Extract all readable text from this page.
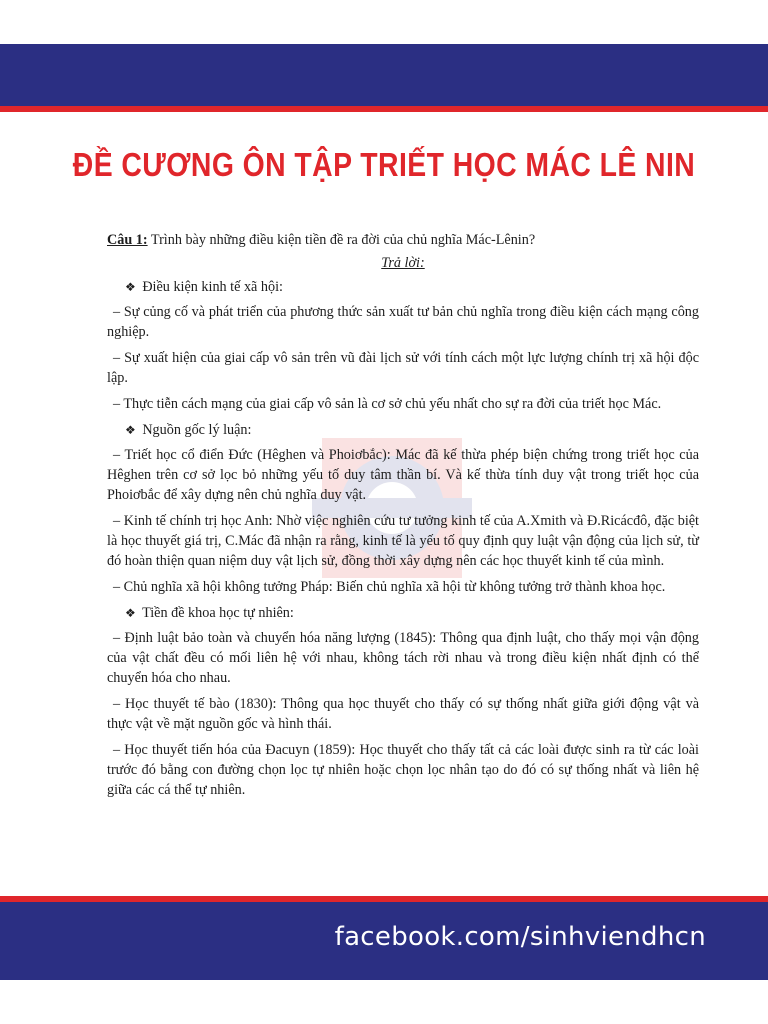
ĐỀ CƯƠNG ÔN TẬP TRIẾT HỌC MÁC LÊ NIN

Câu 1: Trình bày những điều kiện tiền đề ra đời của chủ nghĩa Mác-Lênin?

Trả lời:
❖ Điều kiện kinh tế xã hội:

– Sự củng cố và phát triển của phương thức sản xuất tư bản chủ nghĩa trong điều kiện cách mạng công nghiệp.

– Sự xuất hiện của giai cấp vô sản trên vũ đài lịch sử với tính cách một lực lượng chính trị xã hội độc lập.

– Thực tiễn cách mạng của giai cấp vô sản là cơ sở chủ yếu nhất cho sự ra đời của triết học Mác.

❖ Nguồn gốc lý luận:

– Triết học cổ điển Đức (Hêghen và Phoiơbắc): Mác đã kế thừa phép biện chứng trong triết học của Hêghen trên cơ sở lọc bỏ những yếu tố duy tâm thần bí. Và kế thừa tính duy vật trong triết học của Phoiơbắc để xây dựng nên chủ nghĩa duy vật.

– Kinh tế chính trị học Anh: Nhờ việc nghiên cứu tư tưởng kinh tế của A.Xmith và Đ.Ricácđô, đặc biệt là học thuyết giá trị, C.Mác đã nhận ra rằng, kinh tế là yếu tố quy định quy luật vận động của lịch sử, từ đó hoàn thiện quan niệm duy vật lịch sử, đồng thời xây dựng nên các học thuyết kinh tế của mình.

– Chủ nghĩa xã hội không tưởng Pháp: Biến chủ nghĩa xã hội từ không tưởng trở thành khoa học.

❖ Tiền đề khoa học tự nhiên:

– Định luật bảo toàn và chuyển hóa năng lượng (1845): Thông qua định luật, cho thấy mọi vận động của vật chất đều có mối liên hệ với nhau, không tách rời nhau và trong điều kiện nhất định có thể chuyển hóa cho nhau.

– Học thuyết tế bào (1830): Thông qua học thuyết cho thấy có sự thống nhất giữa giới động vật và thực vật về mặt nguồn gốc và hình thái.

– Học thuyết tiến hóa của Đacuyn (1859): Học thuyết cho thấy tất cả các loài được sinh ra từ các loài trước đó bằng con đường chọn lọc tự nhiên hoặc chọn lọc nhân tạo do đó có sự thống nhất và liên hệ giữa các cá thể tự nhiên.

facebook.com/sinhviendhcn
